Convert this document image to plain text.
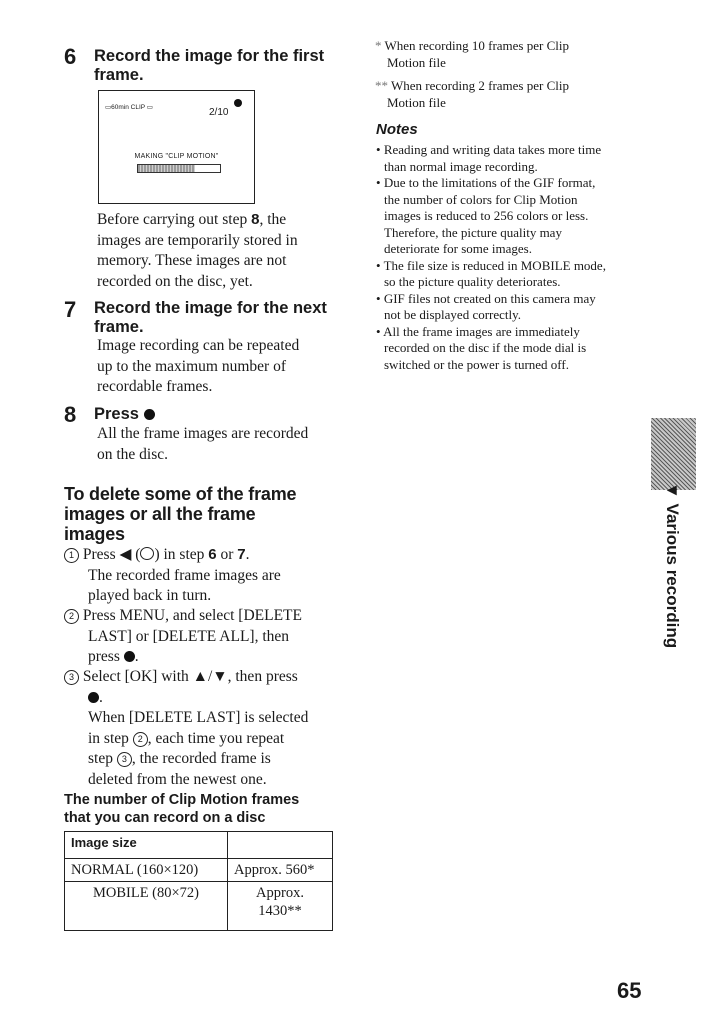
6 Record the image for the first
frame.
▭60min CLIP ▭	2/10
MAKING "CLIP MOTION"
Before carrying out step 8, the
images are temporarily stored in
memory. These images are not
recorded on the disc, yet.
7 Record the image for the next
frame.
Image recording can be repeated
up to the maximum number of
recordable frames.
8 Press
All the frame images are recorded
on the disc.
To delete some of the frame
images or all the frame
images
1 Press ◀ ( ) in step 6 or 7.
The recorded frame images are
played back in turn.
2 Press MENU, and select [DELETE
LAST] or [DELETE ALL], then
press .
3 Select [OK] with ▲/▼, then press
.
When [DELETE LAST] is selected
in step 2 , each time you repeat
step 3 , the recorded frame is
deleted from the newest one.
The number of Clip Motion frames
that you can record on a disc
Image size	
NORMAL (160×120)	Approx. 560*
MOBILE (80×72)	Approx.
1430**
* When recording 10 frames per Clip
Motion file
** When recording 2 frames per Clip
Motion file
Notes
• Reading and writing data takes more time
than normal image recording.
• Due to the limitations of the GIF format,
the number of colors for Clip Motion
images is reduced to 256 colors or less.
Therefore, the picture quality may
deteriorate for some images.
• The file size is reduced in MOBILE mode,
so the picture quality deteriorates.
• GIF files not created on this camera may
not be displayed correctly.
• All the frame images are immediately
recorded on the disc if the mode dial is
switched or the power is turned off.
▼ Various recording
65
